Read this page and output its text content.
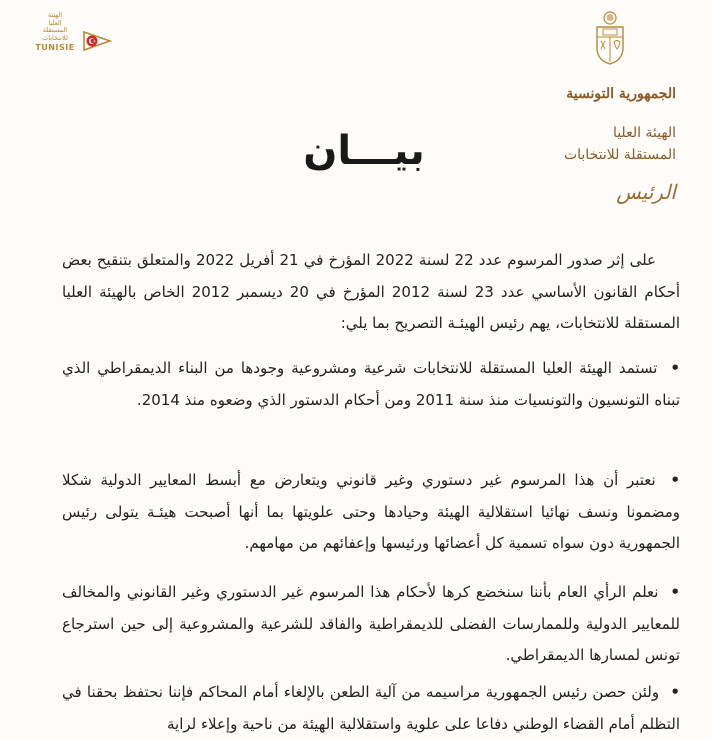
الهيئة
العليا
المستقلة
للانتخابات
TUNISIE
الجمهورية التونسية
الهيئة العليا
المستقلة للانتخابات
الرئيس
بيـــان

على إثر صدور المرسوم عدد 22 لسنة 2022 المؤرخ في 21 أفريل 2022 والمتعلق بتنقيح بعض أحكام القانون الأساسي عدد 23 لسنة 2012 المؤرخ في 20 ديسمبر 2012 الخاص بالهيئة العليا المستقلة للانتخابات، يهم رئيس الهيئـة التصريح بما يلي:

• تستمد الهيئة العليا المستقلة للانتخابات شرعية ومشروعية وجودها من البناء الديمقراطي الذي تبناه التونسيون والتونسيات منذ سنة 2011 ومن أحكام الدستور الذي وضعوه منذ 2014.

• نعتبر أن هذا المرسوم غير دستوري وغير قانوني ويتعارض مع أبسط المعايير الدولية شكلا ومضمونا ونسف نهائيا استقلالية الهيئة وحيادها وحتى علويتها بما أنها أصبحت هيئـة يتولى رئيس الجمهورية دون سواه تسمية كل أعضائها ورئيسها وإعفائهم من مهامهم.

• نعلم الرأي العام بأننا سنخضع كرها لأحكام هذا المرسوم غير الدستوري وغير القانوني والمخالف للمعايير الدولية وللممارسات الفضلى للديمقراطية والفاقد للشرعية والمشروعية إلى حين استرجاع تونس لمسارها الديمقراطي.

• ولئن حصن رئيس الجمهورية مراسيمه من آلية الطعن بالإلغاء أمام المحاكم فإننا نحتفظ بحقنا في التظلم أمام القضاء الوطني دفاعا على علوية واستقلالية الهيئة من ناحية وإعلاء لراية
